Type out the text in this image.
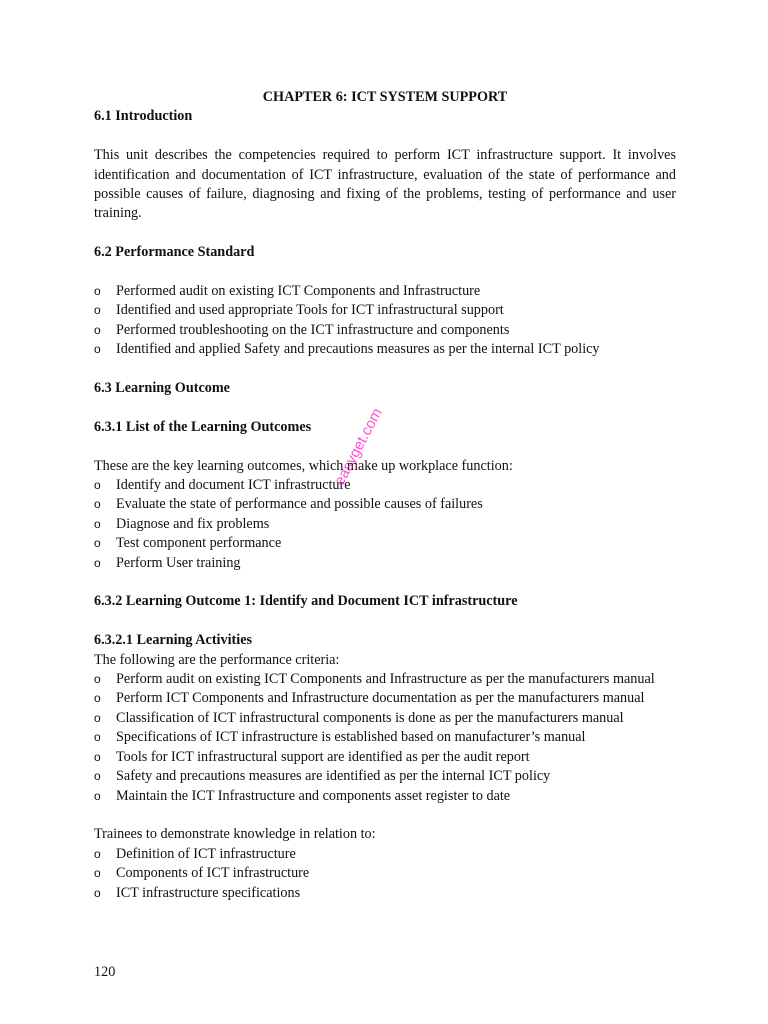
CHAPTER 6: ICT SYSTEM SUPPORT

6.1 Introduction

This unit describes the competencies required to perform ICT infrastructure support. It involves identification and documentation of ICT infrastructure, evaluation of the state of performance and possible causes of failure, diagnosing and fixing of the problems, testing of performance and user training.

6.2 Performance Standard

o Performed audit on existing ICT Components and Infrastructure
o Identified and used appropriate Tools for ICT infrastructural support
o Performed troubleshooting on the ICT infrastructure and components
o Identified and applied Safety and precautions measures as per the internal ICT policy

6.3 Learning Outcome

6.3.1 List of the Learning Outcomes

These are the key learning outcomes, which make up workplace function:

o Identify and document ICT infrastructure
o Evaluate the state of performance and possible causes of failures
o Diagnose and fix problems
o Test component performance
o Perform User training

6.3.2 Learning Outcome 1: Identify and Document ICT infrastructure

6.3.2.1 Learning Activities

The following are the performance criteria:

o Perform audit on existing ICT Components and Infrastructure as per the manufacturers manual
o Perform ICT Components and Infrastructure documentation as per the manufacturers manual
o Classification of ICT infrastructural components is done as per the manufacturers manual
o Specifications of ICT infrastructure is established based on manufacturer’s manual
o Tools for ICT infrastructural support are identified as per the audit report
o Safety and precautions measures are identified as per the internal ICT policy
o Maintain the ICT Infrastructure and components asset register to date

Trainees to demonstrate knowledge in relation to:

o Definition of ICT infrastructure
o Components of ICT infrastructure
o ICT infrastructure specifications
easyget.com

120
